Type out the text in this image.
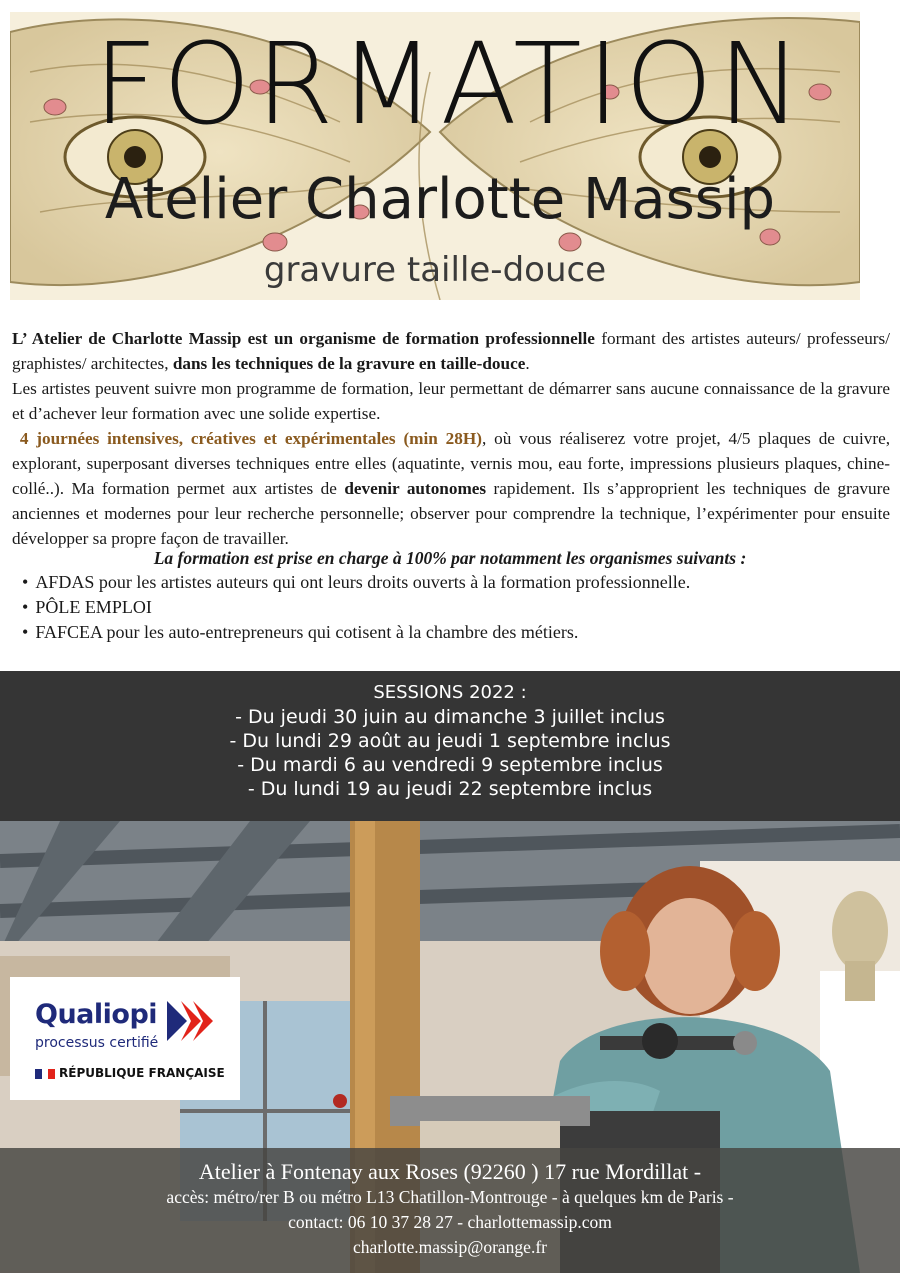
FORMATION
Atelier Charlotte Massip
gravure taille-douce

L’ Atelier de Charlotte Massip est un organisme de formation professionnelle formant des artistes auteurs/ professeurs/ graphistes/ architectes, dans les techniques de la gravure en taille-douce.

Les artistes peuvent suivre mon programme de formation, leur permettant de démarrer sans aucune connaissance de la gravure et d’achever leur formation avec une solide expertise.

4 journées intensives, créatives et expérimentales (min 28H), où vous réaliserez votre projet, 4/5 plaques de cuivre, explorant, superposant diverses techniques entre elles (aquatinte, vernis mou, eau forte, impressions plusieurs plaques, chine-collé..). Ma formation permet aux artistes de devenir autonomes rapidement. Ils s’approprient les techniques de gravure anciennes et modernes pour leur recherche personnelle; observer pour comprendre la technique, l’expérimenter pour ensuite développer sa propre façon de travailler.

La formation est prise en charge à 100% par notamment les organismes suivants :
• AFDAS pour les artistes auteurs qui ont leurs droits ouverts à la formation professionnelle.
• PÔLE EMPLOI
• FAFCEA pour les auto-entrepreneurs qui cotisent à la chambre des métiers.
SESSIONS 2022 :
- Du jeudi 30 juin au dimanche 3 juillet inclus
- Du lundi 29 août au jeudi 1 septembre inclus
- Du mardi 6 au vendredi 9 septembre inclus
- Du lundi 19 au jeudi 22 septembre inclus
Qualiopi
processus certifié
RÉPUBLIQUE FRANÇAISE
Atelier à Fontenay aux Roses (92260 ) 17 rue Mordillat -
accès: métro/rer B ou métro L13 Chatillon-Montrouge - à quelques km de Paris -
contact: 06 10 37 28 27 - charlottemassip.com
charlotte.massip@orange.fr
